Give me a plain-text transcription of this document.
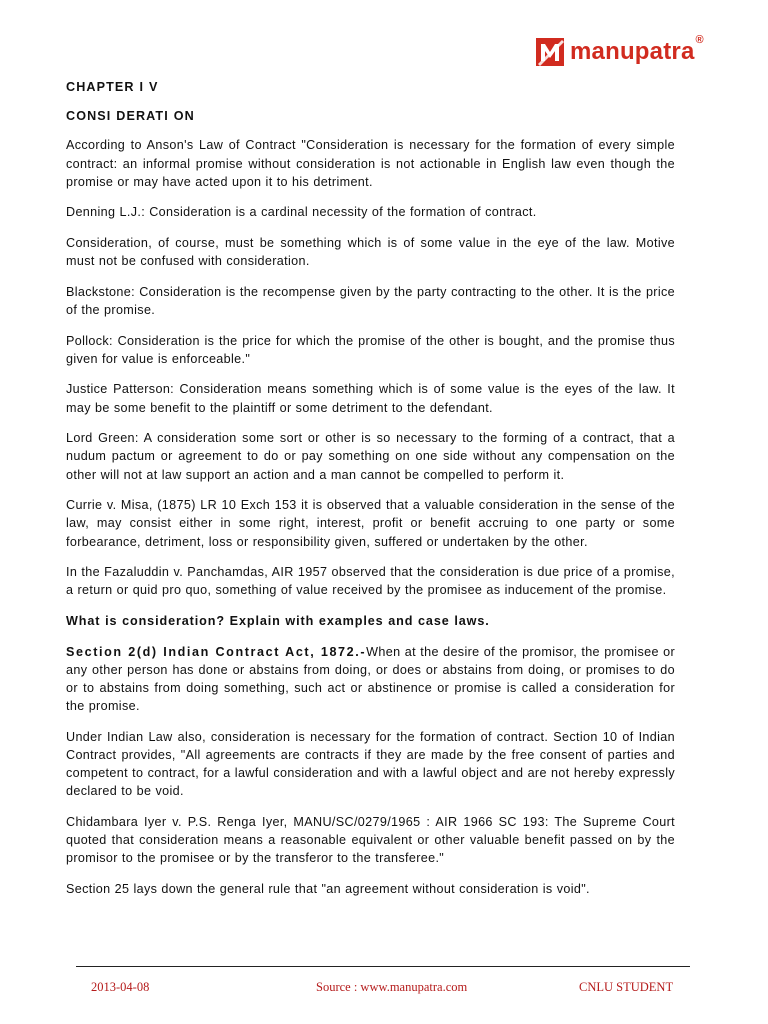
manupatra ®

CHAPTER I V

CONSI DERATI ON

According to Anson's Law of Contract "Consideration is necessary for the formation of every simple contract: an informal promise without consideration is not actionable in English law even though the promise or may have acted upon it to his detriment.

Denning L.J.: Consideration is a cardinal necessity of the formation of contract.

Consideration, of course, must be something which is of some value in the eye of the law. Motive must not be confused with consideration.

Blackstone: Consideration is the recompense given by the party contracting to the other. It is the price of the promise.

Pollock: Consideration is the price for which the promise of the other is bought, and the promise thus given for value is enforceable."

Justice Patterson: Consideration means something which is of some value is the eyes of the law. It may be some benefit to the plaintiff or some detriment to the defendant.

Lord Green: A consideration some sort or other is so necessary to the forming of a contract, that a nudum pactum or agreement to do or pay something on one side without any compensation on the other will not at law support an action and a man cannot be compelled to perform it.

Currie v. Misa, (1875) LR 10 Exch 153 it is observed that a valuable consideration in the sense of the law, may consist either in some right, interest, profit or benefit accruing to one party or some forbearance, detriment, loss or responsibility given, suffered or undertaken by the other.

In the Fazaluddin v. Panchamdas, AIR 1957 observed that the consideration is due price of a promise, a return or quid pro quo, something of value received by the promisee as inducement of the promise.

What is consideration? Explain with examples and case laws.

Section 2(d) Indian Contract Act, 1872.-When at the desire of the promisor, the promisee or any other person has done or abstains from doing, or does or abstains from doing, or promises to do or to abstains from doing something, such act or abstinence or promise is called a consideration for the promise.

Under Indian Law also, consideration is necessary for the formation of contract. Section 10 of Indian Contract provides, "All agreements are contracts if they are made by the free consent of parties and competent to contract, for a lawful consideration and with a lawful object and are not hereby expressly declared to be void.

Chidambara Iyer v. P.S. Renga Iyer, MANU/SC/0279/1965 : AIR 1966 SC 193: The Supreme Court quoted that consideration means a reasonable equivalent or other valuable benefit passed on by the promisor to the promisee or by the transferor to the transferee."

Section 25 lays down the general rule that "an agreement without consideration is void".

2013-04-08	Source : www.manupatra.com	CNLU STUDENT
